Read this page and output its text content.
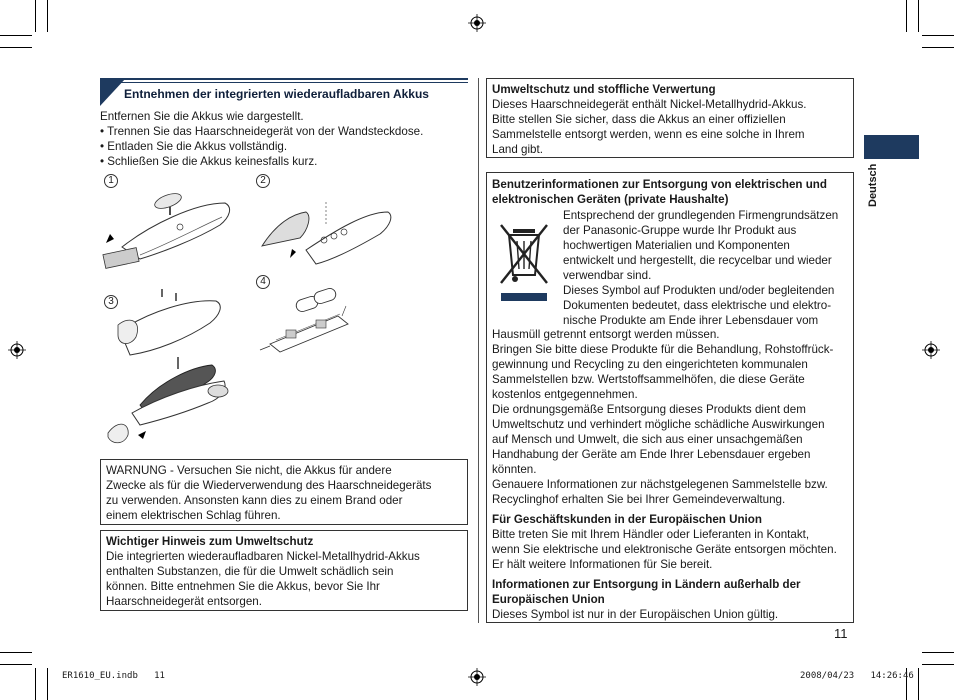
Entnehmen der integrierten wiederaufladbaren Akkus
Entfernen Sie die Akkus wie dargestellt.
• Trennen Sie das Haarschneidegerät von der Wandsteckdose.
• Entladen Sie die Akkus vollständig.
• Schließen Sie die Akkus keinesfalls kurz.
1	2
3
4
WARNUNG - Versuchen Sie nicht, die Akkus für andere
Zwecke als für die Wiederverwendung des Haarschneidegeräts
zu verwenden. Ansonsten kann dies zu einem Brand oder
einem elektrischen Schlag führen.
Wichtiger Hinweis zum Umweltschutz
Die integrierten wiederaufladbaren Nickel-Metallhydrid-Akkus
enthalten Substanzen, die für die Umwelt schädlich sein
können. Bitte entnehmen Sie die Akkus, bevor Sie Ihr
Haarschneidegerät entsorgen.
Umweltschutz und stoffliche Verwertung
Dieses Haarschneidegerät enthält Nickel-Metallhydrid-Akkus.
Bitte stellen Sie sicher, dass die Akkus an einer offiziellen
Sammelstelle entsorgt werden, wenn es eine solche in Ihrem
Land gibt.
Benutzerinformationen zur Entsorgung von elektrischen und
elektronischen Geräten (private Haushalte)

Entsprechend der grundlegenden Firmengrundsätzen

der Panasonic-Gruppe wurde Ihr Produkt aus

hochwertigen Materialien und Komponenten

entwickelt und hergestellt, die recycelbar und wieder

verwendbar sind.

Dieses Symbol auf Produkten und/oder begleitenden

Dokumenten bedeutet, dass elektrische und elektro-

nische Produkte am Ende ihrer Lebensdauer vom

Hausmüll getrennt entsorgt werden müssen.

Bringen Sie bitte diese Produkte für die Behandlung, Rohstoffrück-

gewinnung und Recycling zu den eingerichteten kommunalen

Sammelstellen bzw. Wertstoffsammelhöfen, die diese Geräte

kostenlos entgegennehmen.

Die ordnungsgemäße Entsorgung dieses Produkts dient dem

Umweltschutz und verhindert mögliche schädliche Auswirkungen

auf Mensch und Umwelt, die sich aus einer unsachgemäßen

Handhabung der Geräte am Ende Ihrer Lebensdauer ergeben

könnten.

Genauere Informationen zur nächstgelegenen Sammelstelle bzw.

Recyclinghof erhalten Sie bei Ihrer Gemeindeverwaltung.

Für Geschäftskunden in der Europäischen Union

Bitte treten Sie mit Ihrem Händler oder Lieferanten in Kontakt,

wenn Sie elektrische und elektronische Geräte entsorgen möchten.

Er hält weitere Informationen für Sie bereit.

Informationen zur Entsorgung in Ländern außerhalb der

Europäischen Union

Dieses Symbol ist nur in der Europäischen Union gültig.

Deutsch
11
ER1610_EU.indb   11	2008/04/23   14:26:46
